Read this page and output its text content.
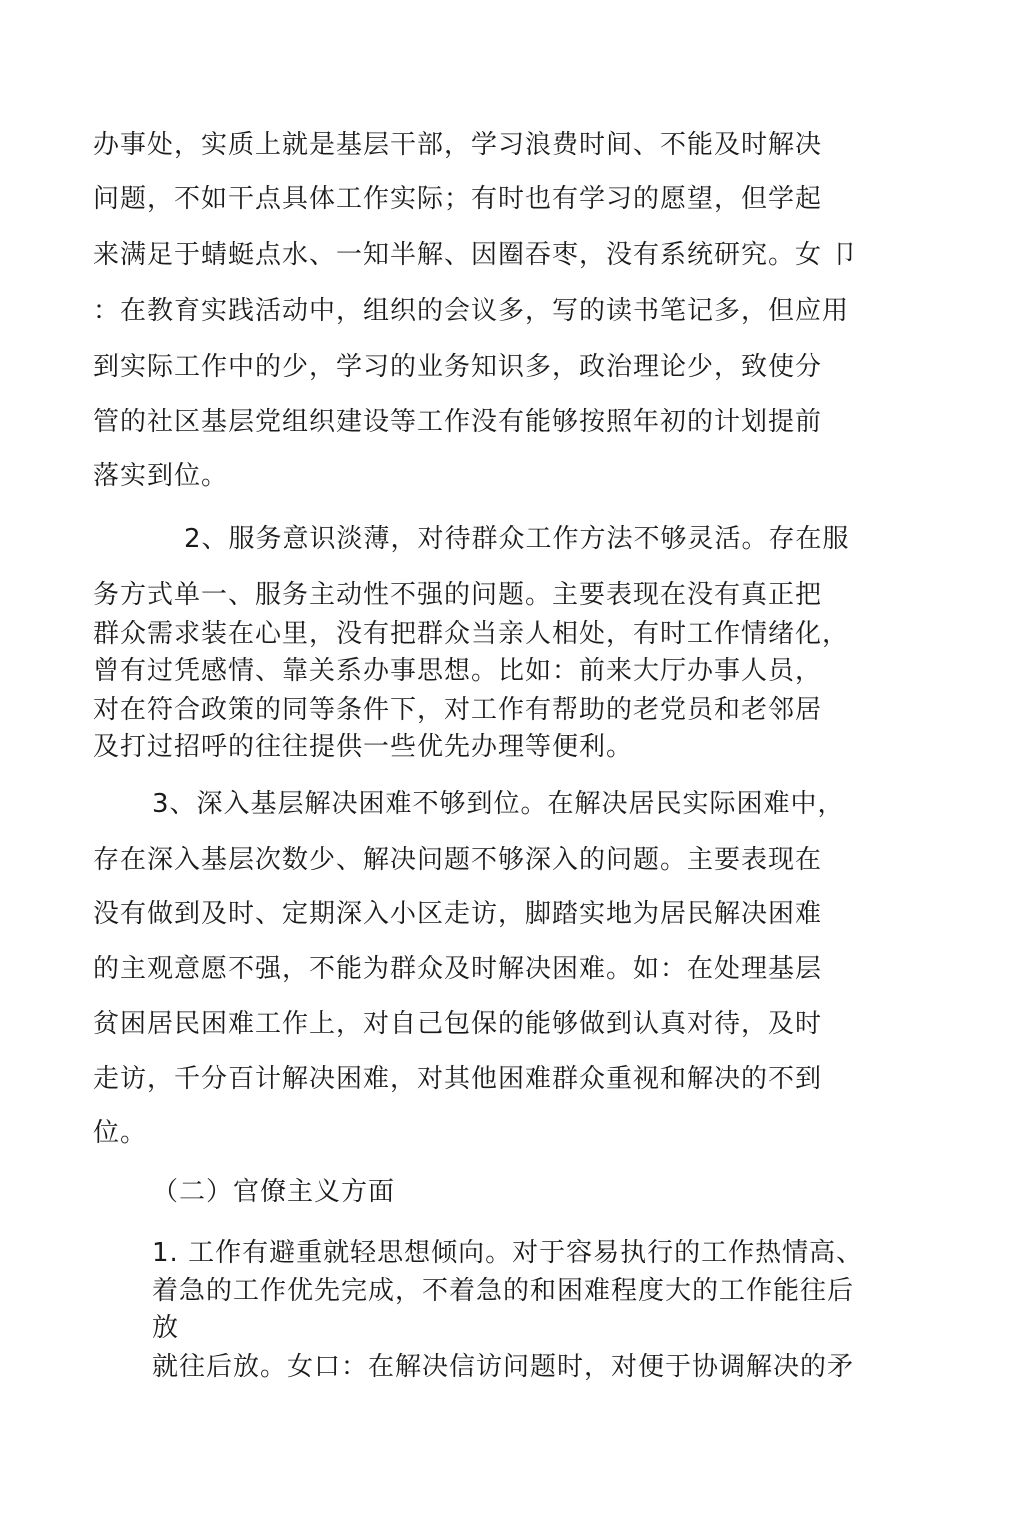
办事处，实质上就是基层干部，学习浪费时间、不能及时解决
问题，不如干点具体工作实际；有时也有学习的愿望，但学起
来满足于蜻蜓点水、一知半解、因圈吞枣，没有系统研究。女 卩
：在教育实践活动中，组织的会议多，写的读书笔记多，但应用
到实际工作中的少，学习的业务知识多，政治理论少，致使分
管的社区基层党组织建设等工作没有能够按照年初的计划提前
落实到位。
2、服务意识淡薄，对待群众工作方法不够灵活。存在服
务方式单一、服务主动性不强的问题。主要表现在没有真正把
群众需求装在心里，没有把群众当亲人相处，有时工作情绪化，
曾有过凭感情、靠关系办事思想。比如：前来大厅办事人员，
对在符合政策的同等条件下，对工作有帮助的老党员和老邻居
及打过招呼的往往提供一些优先办理等便利。
3、深入基层解决困难不够到位。在解决居民实际困难中，
存在深入基层次数少、解决问题不够深入的问题。主要表现在
没有做到及时、定期深入小区走访，脚踏实地为居民解决困难
的主观意愿不强，不能为群众及时解决困难。如：在处理基层
贫困居民困难工作上，对自己包保的能够做到认真对待，及时
走访，千分百计解决困难，对其他困难群众重视和解决的不到
位。
（二）官僚主义方面
1. 工作有避重就轻思想倾向。对于容易执行的工作热情高、
着急的工作优先完成，不着急的和困难程度大的工作能往后
放
就往后放。女口：在解决信访问题时，对便于协调解决的矛
